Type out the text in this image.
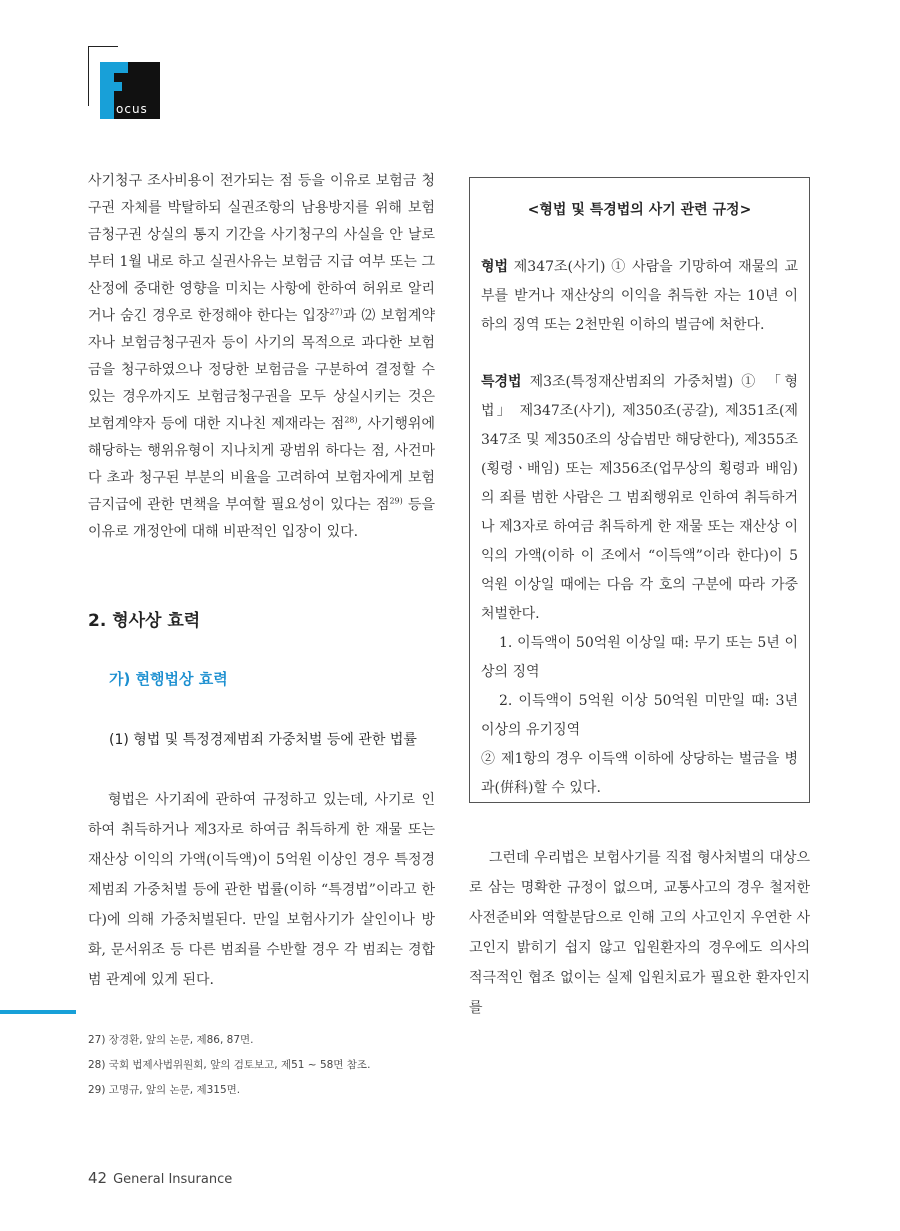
ocus

사기청구 조사비용이 전가되는 점 등을 이유로 보험금 청구권 자체를 박탈하되 실권조항의 남용방지를 위해 보험금청구권 상실의 통지 기간을 사기청구의 사실을 안 날로부터 1월 내로 하고 실권사유는 보험금 지급 여부 또는 그 산정에 중대한 영향을 미치는 사항에 한하여 허위로 알리거나 숨긴 경우로 한정해야 한다는 입장$^{27)}$과 ⑵ 보험계약자나 보험금청구권자 등이 사기의 목적으로 과다한 보험금을 청구하였으나 정당한 보험금을 구분하여 결정할 수 있는 경우까지도 보험금청구권을 모두 상실시키는 것은 보험계약자 등에 대한 지나친 제재라는 점$^{28)}$, 사기행위에 해당하는 행위유형이 지나치게 광범위 하다는 점, 사건마다 초과 청구된 부분의 비율을 고려하여 보험자에게 보험금지급에 관한 면책을 부여할 필요성이 있다는 점$^{29)}$ 등을 이유로 개정안에 대해 비판적인 입장이 있다.

2. 형사상 효력
가) 현행법상 효력
(1) 형법 및 특정경제범죄 가중처벌 등에 관한 법률

형법은 사기죄에 관하여 규정하고 있는데, 사기로 인하여 취득하거나 제3자로 하여금 취득하게 한 재물 또는 재산상 이익의 가액(이득액)이 5억원 이상인 경우 특정경제범죄 가중처벌 등에 관한 법률(이하 “특경법”이라고 한다)에 의해 가중처벌된다. 만일 보험사기가 살인이나 방화, 문서위조 등 다른 범죄를 수반할 경우 각 범죄는 경합범 관계에 있게 된다.

<형법 및 특경법의 사기 관련 규정>

형법 제347조(사기) ① 사람을 기망하여 재물의 교부를 받거나 재산상의 이익을 취득한 자는 10년 이하의 징역 또는 2천만원 이하의 벌금에 처한다.

특경법 제3조(특정재산범죄의 가중처벌) ① 「형법」 제347조(사기), 제350조(공갈), 제351조(제347조 및 제350조의 상습범만 해당한다), 제355조(횡령ㆍ배임) 또는 제356조(업무상의 횡령과 배임)의 죄를 범한 사람은 그 범죄행위로 인하여 취득하거나 제3자로 하여금 취득하게 한 재물 또는 재산상 이익의 가액(이하 이 조에서 “이득액”이라 한다)이 5억원 이상일 때에는 다음 각 호의 구분에 따라 가중처벌한다.

1. 이득액이 50억원 이상일 때: 무기 또는 5년 이상의 징역

2. 이득액이 5억원 이상 50억원 미만일 때: 3년 이상의 유기징역

② 제1항의 경우 이득액 이하에 상당하는 벌금을 병과(倂科)할 수 있다.

그런데 우리법은 보험사기를 직접 형사처벌의 대상으로 삼는 명확한 규정이 없으며, 교통사고의 경우 철저한 사전준비와 역할분담으로 인해 고의 사고인지 우연한 사고인지 밝히기 쉽지 않고 입원환자의 경우에도 의사의 적극적인 협조 없이는 실제 입원치료가 필요한 환자인지를

27) 장경환, 앞의 논문, 제86, 87면.
28) 국회 법제사법위원회, 앞의 검토보고, 제51 ~ 58면 참조.
29) 고명규, 앞의 논문, 제315면.
42 General Insurance
